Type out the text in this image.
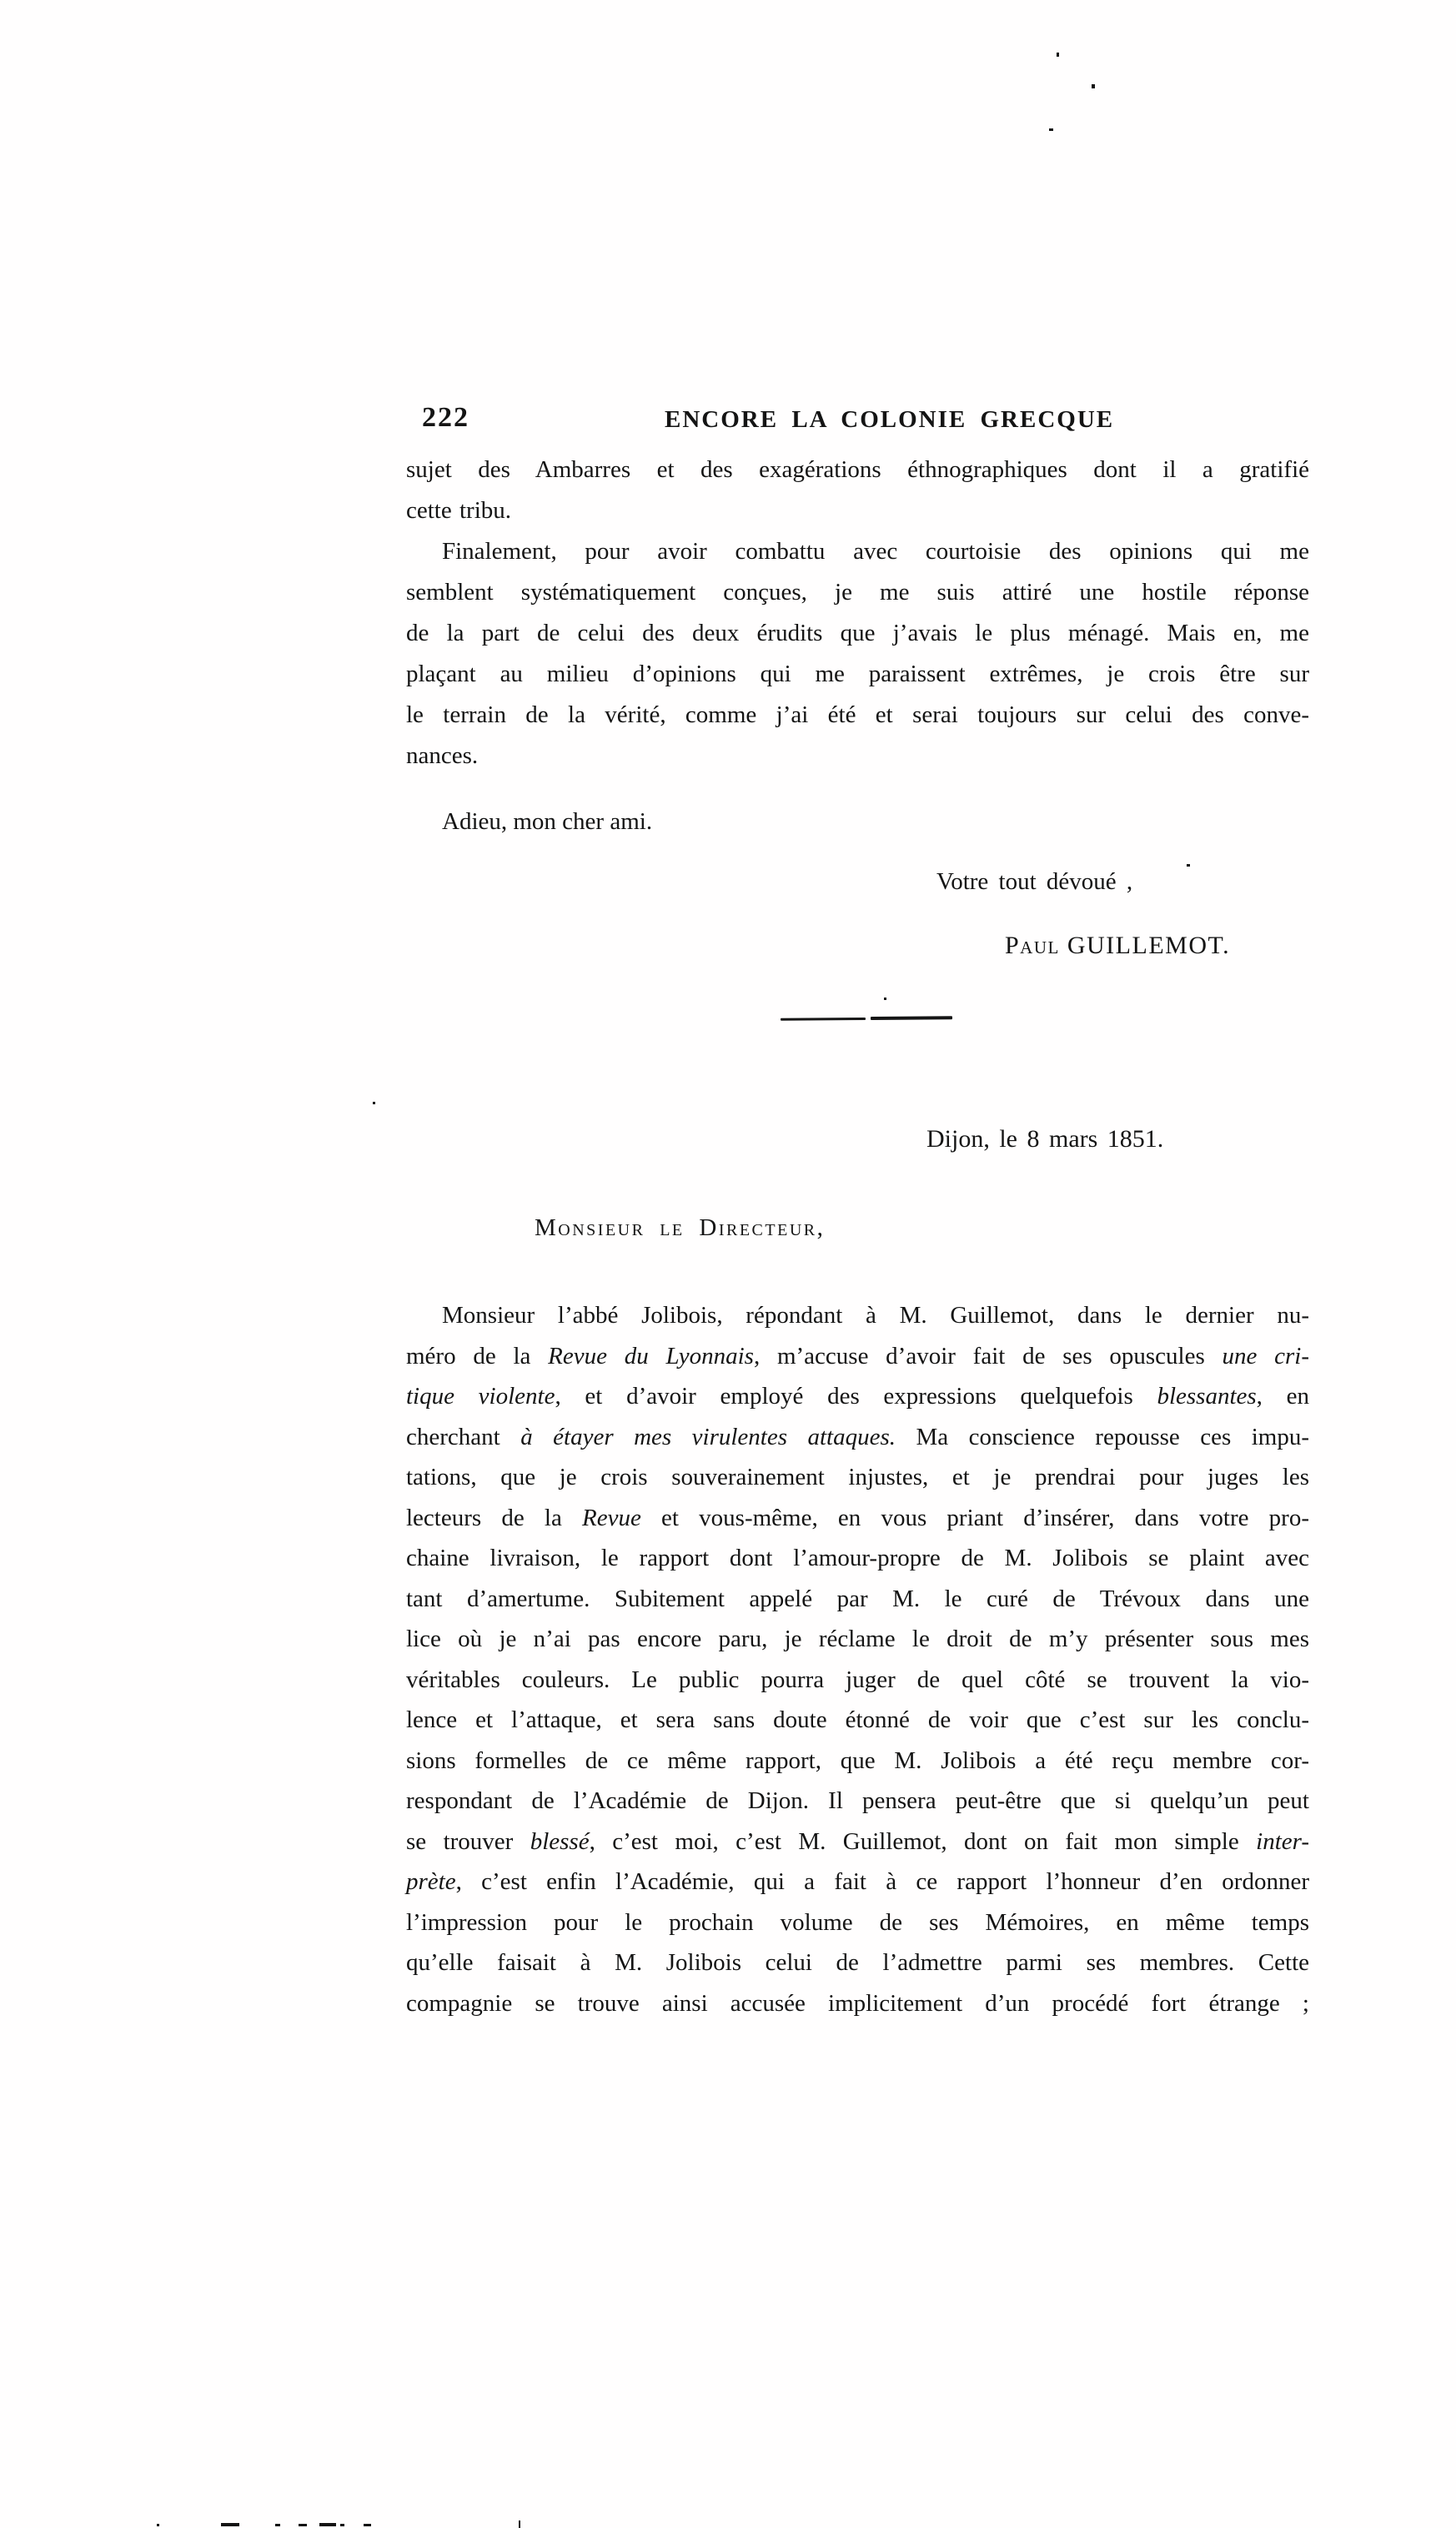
222	ENCORE LA COLONIE GRECQUE
sujet des Ambarres et des exagérations éthnographiques dont il a gratifié
cette tribu.
Finalement, pour avoir combattu avec courtoisie des opinions qui me
semblent systématiquement conçues, je me suis attiré une hostile réponse
de la part de celui des deux érudits que j’avais le plus ménagé. Mais en, me
plaçant au milieu d’opinions qui me paraissent extrêmes, je crois être sur
le terrain de la vérité, comme j’ai été et serai toujours sur celui des conve-
nances.
Adieu, mon cher ami.
Votre tout dévoué ,
Paul GUILLEMOT.
Dijon, le 8 mars 1851.
Monsieur le Directeur,
Monsieur l’abbé Jolibois, répondant à M. Guillemot, dans le dernier nu-
méro de la Revue du Lyonnais, m’accuse d’avoir fait de ses opuscules une cri-
tique violente, et d’avoir employé des expressions quelquefois blessantes, en
cherchant à étayer mes virulentes attaques. Ma conscience repousse ces impu-
tations, que je crois souverainement injustes, et je prendrai pour juges les
lecteurs de la Revue et vous-même, en vous priant d’insérer, dans votre pro-
chaine livraison, le rapport dont l’amour-propre de M. Jolibois se plaint avec
tant d’amertume. Subitement appelé par M. le curé de Trévoux dans une
lice où je n’ai pas encore paru, je réclame le droit de m’y présenter sous mes
véritables couleurs. Le public pourra juger de quel côté se trouvent la vio-
lence et l’attaque, et sera sans doute étonné de voir que c’est sur les conclu-
sions formelles de ce même rapport, que M. Jolibois a été reçu membre cor-
respondant de l’Académie de Dijon. Il pensera peut-être que si quelqu’un peut
se trouver blessé, c’est moi, c’est M. Guillemot, dont on fait mon simple inter-
prète, c’est enfin l’Académie, qui a fait à ce rapport l’honneur d’en ordonner
l’impression pour le prochain volume de ses Mémoires, en même temps
qu’elle faisait à M. Jolibois celui de l’admettre parmi ses membres. Cette
compagnie se trouve ainsi accusée implicitement d’un procédé fort étrange ;
